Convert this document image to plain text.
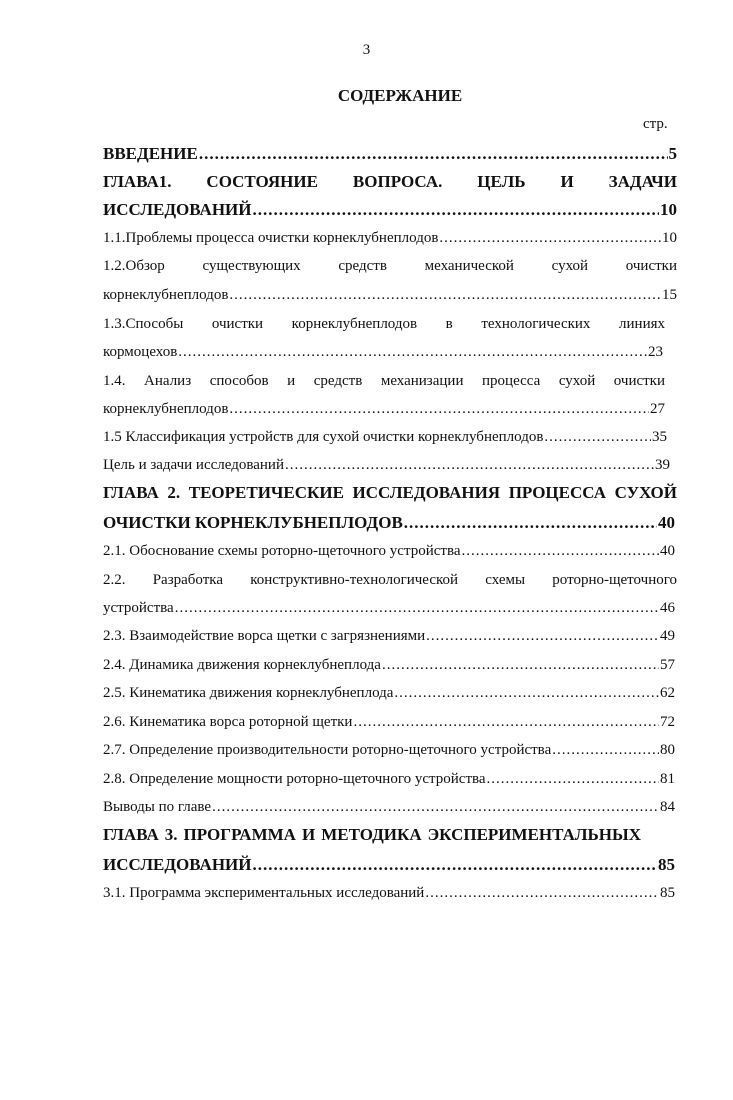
3
СОДЕРЖАНИЕ
стр.
ВВЕДЕНИЕ .....	5
ГЛАВА1. СОСТОЯНИЕ ВОПРОСА. ЦЕЛЬ И ЗАДАЧИ
ИССЛЕДОВАНИЙ .....	10
1.1.Проблемы процесса очистки корнеклубнеплодов .....	10
1.2.Обзор существующих средств механической сухой очистки
корнеклубнеплодов .....	15
1.3.Способы очистки корнеклубнеплодов в технологических линиях
кормоцехов .....	23
1.4. Анализ способов и средств механизации процесса сухой очистки
корнеклубнеплодов .....	27
1.5 Классификация устройств для сухой очистки корнеклубнеплодов .....	35
Цель и задачи исследований .....	39
ГЛАВА 2. ТЕОРЕТИЧЕСКИЕ ИССЛЕДОВАНИЯ ПРОЦЕССА СУХОЙ
ОЧИСТКИ КОРНЕКЛУБНЕПЛОДОВ .....	40
2.1. Обоснование схемы роторно-щеточного устройства .....	40
2.2. Разработка конструктивно-технологической схемы роторно-щеточного
устройства .....	46
2.3. Взаимодействие ворса щетки с загрязнениями .....	49
2.4. Динамика движения корнеклубнеплода .....	57
2.5. Кинематика движения корнеклубнеплода .....	62
2.6. Кинематика ворса роторной щетки .....	72
2.7. Определение производительности роторно-щеточного устройства .....	80
2.8. Определение мощности роторно-щеточного устройства .....	81
Выводы по главе .....	84
ГЛАВА 3. ПРОГРАММА И МЕТОДИКА ЭКСПЕРИМЕНТАЛЬНЫХ
ИССЛЕДОВАНИЙ .....	85
3.1. Программа экспериментальных исследований .....	85
